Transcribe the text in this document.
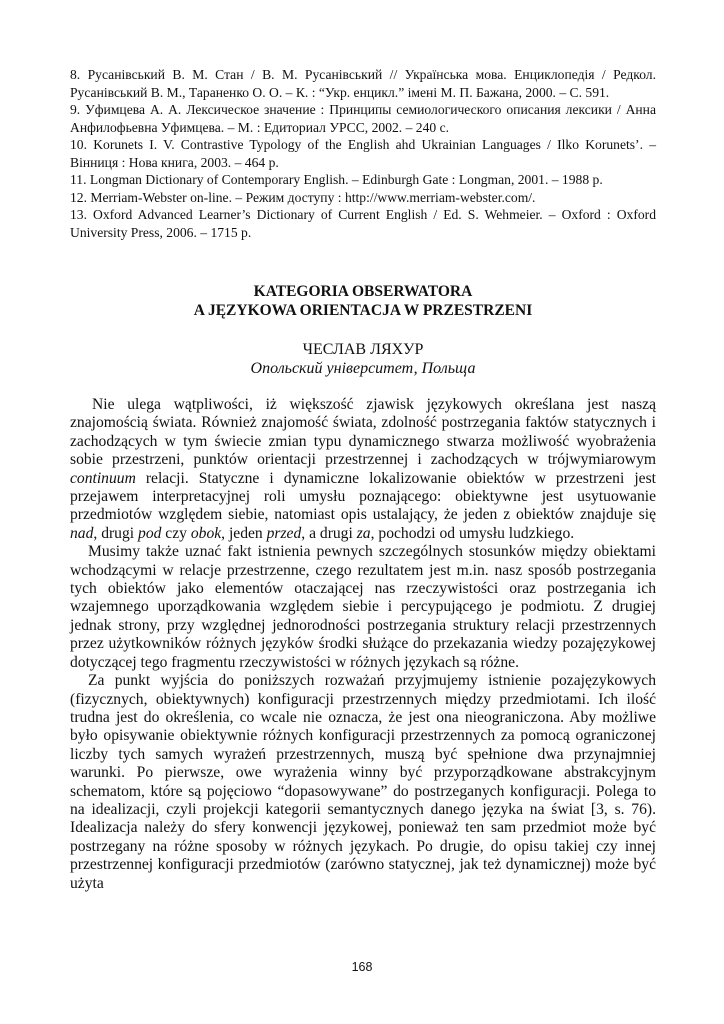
8. Русанівський В. М. Стан / В. М. Русанівський // Українська мова. Енциклопедія / Редкол. Русанівський В. М., Тараненко О. О. – К. : “Укр. енцикл.” імені М. П. Бажана, 2000. – С. 591.

9. Уфимцева А. А. Лексическое значение : Принципы семиологического описания лексики / Анна Анфилофьевна Уфимцева. – М. : Едиториал УРСС, 2002. – 240 с.

10. Korunets I. V. Contrastive Typology of the English ahd Ukrainian Languages / Ilko Korunets’. – Вінниця : Нова книга, 2003. – 464 p.

11. Longman Dictionary of Contemporary English. – Edinburgh Gate : Longman, 2001. – 1988 p.

12. Merriam-Webster on-line. – Режим доступу : http://www.merriam-webster.com/.

13. Oxford Advanced Learner’s Dictionary of Current English / Ed. S. Wehmeier. – Oxford : Oxford University Press, 2006. – 1715 p.

KATEGORIA OBSERWATORA
A JĘZYKOWA ORIENTACJA W PRZESTRZENI
ЧЕСЛАВ ЛЯХУР
Опольский університет, Польща

Nie ulega wątpliwości, iż większość zjawisk językowych określana jest naszą znajomością świata. Również znajomość świata, zdolność postrzegania faktów statycznych i zachodzących w tym świecie zmian typu dynamicznego stwarza możliwość wyobrażenia sobie przestrzeni, punktów orientacji przestrzennej i zachodzących w trójwymiarowym continuum relacji. Statyczne i dynamiczne lokalizowanie obiektów w przestrzeni jest przejawem interpretacyjnej roli umysłu poznającego: obiektywne jest usytuowanie przedmiotów względem siebie, natomiast opis ustalający, że jeden z obiektów znajduje się nad, drugi pod czy obok, jeden przed, a drugi za, pochodzi od umysłu ludzkiego.

Musimy także uznać fakt istnienia pewnych szczególnych stosunków między obiektami wchodzącymi w relacje przestrzenne, czego rezultatem jest m.in. nasz sposób postrzegania tych obiektów jako elementów otaczającej nas rzeczywistości oraz postrzegania ich wzajemnego uporządkowania względem siebie i percypującego je podmiotu. Z drugiej jednak strony, przy względnej jednorodności postrzegania struktury relacji przestrzennych przez użytkowników różnych języków środki służące do przekazania wiedzy pozajęzykowej dotyczącej tego fragmentu rzeczywistości w różnych językach są różne.

Za punkt wyjścia do poniższych rozważań przyjmujemy istnienie pozajęzykowych (fizycznych, obiektywnych) konfiguracji przestrzennych między przedmiotami. Ich ilość trudna jest do określenia, co wcale nie oznacza, że jest ona nieograniczona. Aby możliwe było opisywanie obiektywnie różnych konfiguracji przestrzennych za pomocą ograniczonej liczby tych samych wyrażeń przestrzennych, muszą być spełnione dwa przynajmniej warunki. Po pierwsze, owe wyrażenia winny być przyporządkowane abstrakcyjnym schematom, które są pojęciowo “dopasowywane” do postrzeganych konfiguracji. Polega to na idealizacji, czyli projekcji kategorii semantycznych danego języka na świat [3, s. 76). Idealizacja należy do sfery konwencji językowej, ponieważ ten sam przedmiot może być postrzegany na różne sposoby w różnych językach. Po drugie, do opisu takiej czy innej przestrzennej konfiguracji przedmiotów (zarówno statycznej, jak też dynamicznej) może być użyta

168
